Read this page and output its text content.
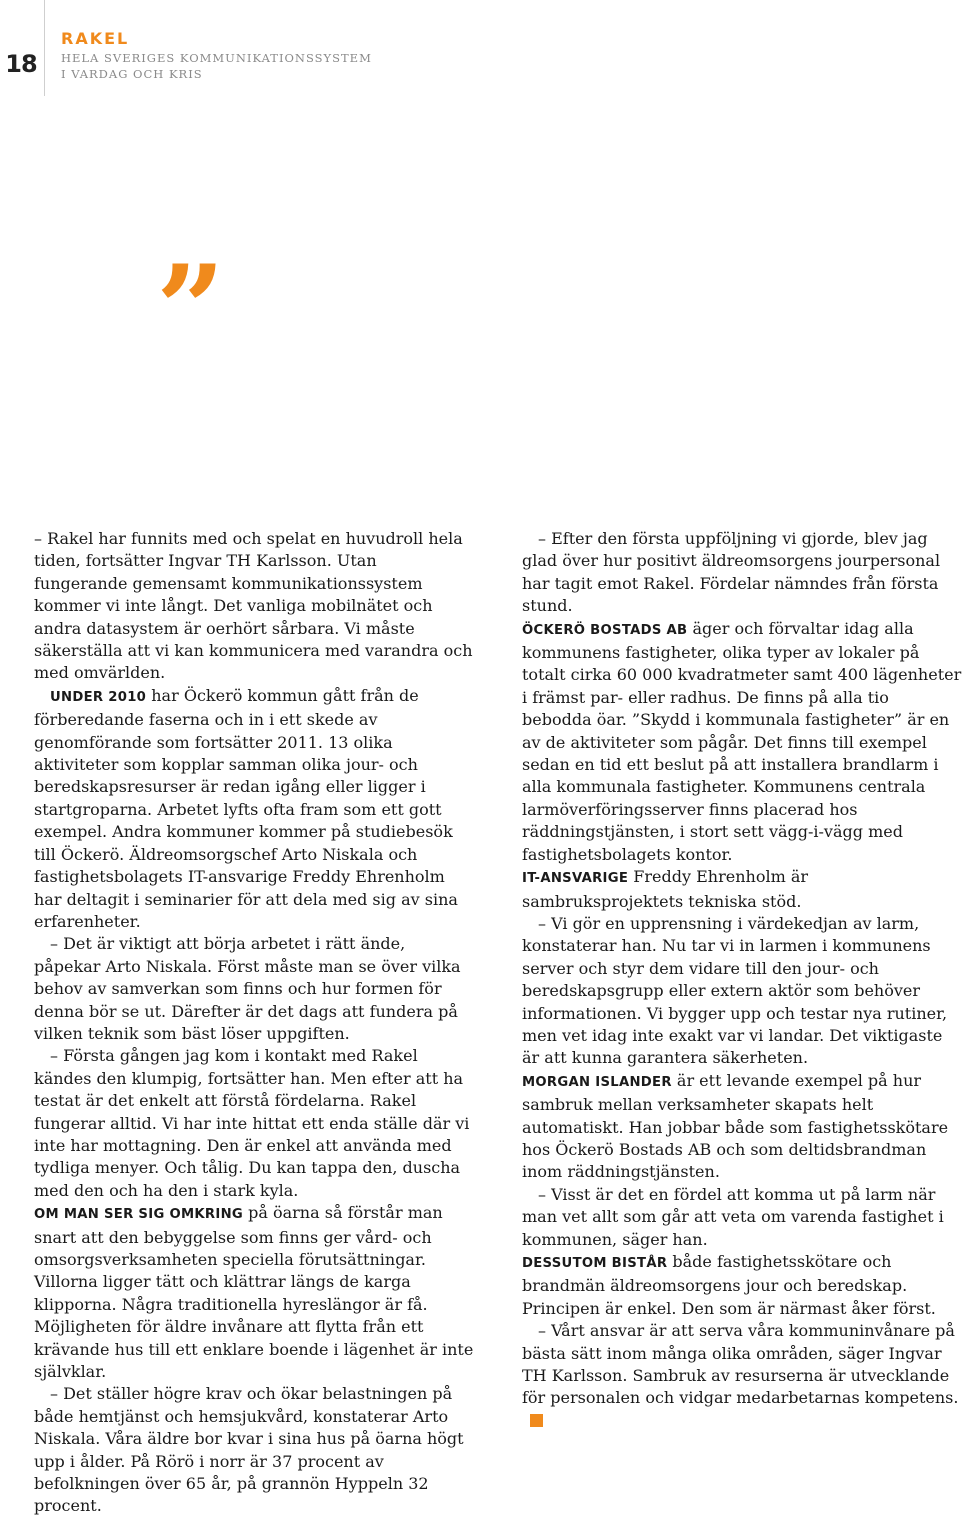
18
RAKEL
HELA SVERIGES KOMMUNIKATIONSSYSTEM
I VARDAG OCH KRIS
”

– Rakel har funnits med och spelat en huvudroll hela tiden, fortsätter Ingvar TH Karlsson. Utan fungerande gemensamt kommunikationssystem kommer vi inte långt. Det vanliga mobilnätet och andra datasystem är oerhört sårbara. Vi måste säkerställa att vi kan kommunicera med varandra och med omvärlden.

UNDER 2010 har Öckerö kommun gått från de förberedande faserna och in i ett skede av genomförande som fortsätter 2011. 13 olika aktiviteter som kopplar samman olika jour- och beredskapsresurser är redan igång eller ligger i startgroparna. Arbetet lyfts ofta fram som ett gott exempel. Andra kommuner kommer på studiebesök till Öckerö. Äldreomsorgschef Arto Niskala och fastighetsbolagets IT-ansvarige Freddy Ehrenholm har deltagit i seminarier för att dela med sig av sina erfarenheter.

– Det är viktigt att börja arbetet i rätt ände, påpekar Arto Niskala. Först måste man se över vilka behov av samverkan som finns och hur formen för denna bör se ut. Därefter är det dags att fundera på vilken teknik som bäst löser uppgiften.

– Första gången jag kom i kontakt med Rakel kändes den klumpig, fortsätter han. Men efter att ha testat är det enkelt att förstå fördelarna. Rakel fungerar alltid. Vi har inte hittat ett enda ställe där vi inte har mottagning. Den är enkel att använda med tydliga menyer. Och tålig. Du kan tappa den, duscha med den och ha den i stark kyla.

OM MAN SER SIG OMKRING på öarna så förstår man snart att den bebyggelse som finns ger vård- och omsorgsverksamheten speciella förutsättningar. Villorna ligger tätt och klättrar längs de karga klipporna. Några traditionella hyreslängor är få. Möjligheten för äldre invånare att flytta från ett krävande hus till ett enklare boende i lägenhet är inte självklar.

– Det ställer högre krav och ökar belastningen på både hemtjänst och hemsjukvård, konstaterar Arto Niskala. Våra äldre bor kvar i sina hus på öarna högt upp i ålder. På Rörö i norr är 37 procent av befolkningen över 65 år, på grannön Hyppeln 32 procent.

– Efter den första uppföljning vi gjorde, blev jag glad över hur positivt äldreomsorgens jourpersonal har tagit emot Rakel. Fördelar nämndes från första stund.

ÖCKERÖ BOSTADS AB äger och förvaltar idag alla kommunens fastigheter, olika typer av lokaler på totalt cirka 60 000 kvadratmeter samt 400 lägenheter i främst par- eller radhus. De finns på alla tio bebodda öar. ”Skydd i kommunala fastigheter” är en av de aktiviteter som pågår. Det finns till exempel sedan en tid ett beslut på att installera brandlarm i alla kommunala fastigheter. Kommunens centrala larmöverföringsserver finns placerad hos räddningstjänsten, i stort sett vägg-i-vägg med fastighetsbolagets kontor.

IT-ANSVARIGE Freddy Ehrenholm är sambruksprojektets tekniska stöd.

– Vi gör en upprensning i värdekedjan av larm, konstaterar han. Nu tar vi in larmen i kommunens server och styr dem vidare till den jour- och beredskapsgrupp eller extern aktör som behöver informationen. Vi bygger upp och testar nya rutiner, men vet idag inte exakt var vi landar. Det viktigaste är att kunna garantera säkerheten.

MORGAN ISLANDER är ett levande exempel på hur sambruk mellan verksamheter skapats helt automatiskt. Han jobbar både som fastighetsskötare hos Öckerö Bostads AB och som deltidsbrandman inom räddningstjänsten.

– Visst är det en fördel att komma ut på larm när man vet allt som går att veta om varenda fastighet i kommunen, säger han.

DESSUTOM BISTÅR både fastighetsskötare och brandmän äldreomsorgens jour och beredskap. Principen är enkel. Den som är närmast åker först.

– Vårt ansvar är att serva våra kommuninvånare på bästa sätt inom många olika områden, säger Ingvar TH Karlsson. Sambruk av resurserna är utvecklande för personalen och vidgar medarbetarnas kompetens.
